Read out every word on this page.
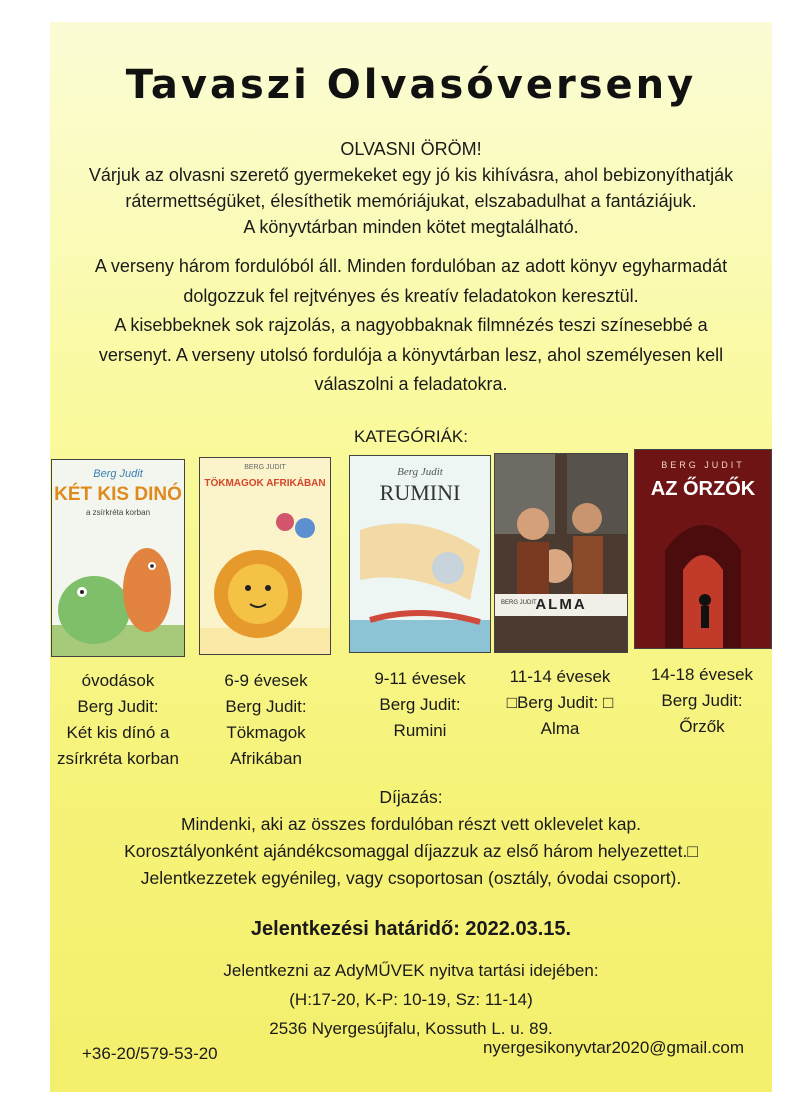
Tavaszi Olvasóverseny
OLVASNI ÖRÖM!
Várjuk az olvasni szerető gyermekeket egy jó kis kihívásra, ahol bebizonyíthatják
rátermettségüket, élesíthetik memóriájukat, elszabadulhat a fantáziájuk.
A könyvtárban minden kötet megtalálható.
A verseny három fordulóból áll. Minden fordulóban az adott könyv egyharmadát
dolgozzuk fel rejtvényes és kreatív feladatokon keresztül.
A kisebbeknek sok rajzolás, a nagyobbaknak filmnézés teszi színesebbé a
versenyt. A verseny utolsó fordulója a könyvtárban lesz, ahol személyesen kell
válaszolni a feladatokra.
KATEGÓRIÁK:
Berg Judit
KÉT KIS DINÓ
a zsírkréta korban
BERG JUDIT
TÖKMAGOK AFRIKÁBAN
Berg Judit
RUMINI
BERG JUDIT
ALMA
BERG JUDIT
AZ ŐRZŐK
óvodások
Berg Judit:
Két kis dínó a
zsírkréta korban
6-9 évesek
Berg Judit:
Tökmagok
Afrikában
9-11 évesek
Berg Judit:
Rumini
11-14 évesek
□Berg Judit: □
Alma
14-18 évesek
Berg Judit:
Őrzők
Díjazás:
Mindenki, aki az összes fordulóban részt vett oklevelet kap.
Korosztályonként ajándékcsomaggal díjazzuk az első három helyezettet.□
Jelentkezzetek egyénileg, vagy csoportosan (osztály, óvodai csoport).
Jelentkezési határidő: 2022.03.15.
Jelentkezni az AdyMŰVEK nyitva tartási idejében:
(H:17-20, K-P: 10-19, Sz: 11-14)
2536 Nyergesújfalu, Kossuth L. u. 89.
+36-20/579-53-20	nyergesikonyvtar2020@gmail.com
